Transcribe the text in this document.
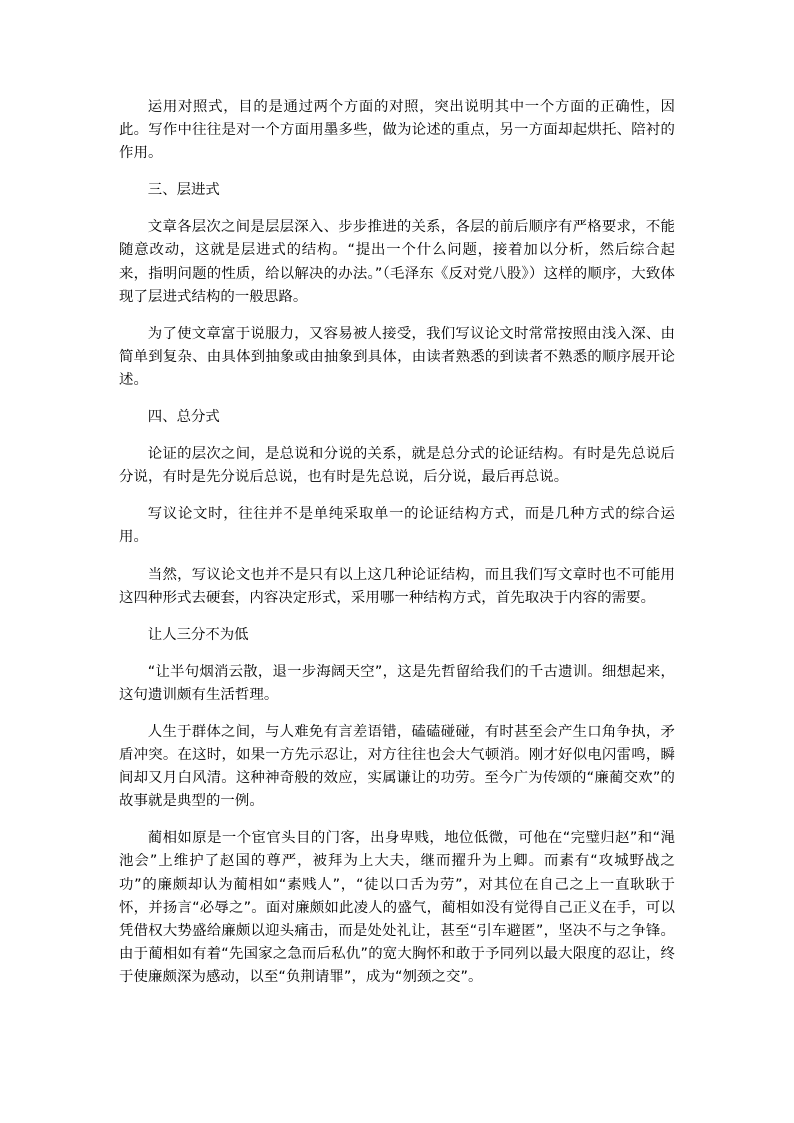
运用对照式，目的是通过两个方面的对照，突出说明其中一个方面的正确性，因此。写作中往往是对一个方面用墨多些，做为论述的重点，另一方面却起烘托、陪衬的作用。

三、层进式

文章各层次之间是层层深入、步步推进的关系，各层的前后顺序有严格要求，不能随意改动，这就是层进式的结构。“提出一个什么问题，接着加以分析，然后综合起来，指明问题的性质，给以解决的办法。”（毛泽东《反对党八股》）这样的顺序，大致体现了层进式结构的一般思路。

为了使文章富于说服力，又容易被人接受，我们写议论文时常常按照由浅入深、由简单到复杂、由具体到抽象或由抽象到具体，由读者熟悉的到读者不熟悉的顺序展开论述。

四、总分式

论证的层次之间，是总说和分说的关系，就是总分式的论证结构。有时是先总说后分说，有时是先分说后总说，也有时是先总说，后分说，最后再总说。

写议论文时，往往并不是单纯采取单一的论证结构方式，而是几种方式的综合运用。

当然，写议论文也并不是只有以上这几种论证结构，而且我们写文章时也不可能用这四种形式去硬套，内容决定形式，采用哪一种结构方式，首先取决于内容的需要。

让人三分不为低

“让半句烟消云散，退一步海阔天空”，这是先哲留给我们的千古遗训。细想起来，这句遗训颇有生活哲理。

人生于群体之间，与人难免有言差语错，磕磕碰碰，有时甚至会产生口角争执，矛盾冲突。在这时，如果一方先示忍让，对方往往也会大气顿消。刚才好似电闪雷鸣，瞬间却又月白风清。这种神奇般的效应，实属谦让的功劳。至今广为传颂的“廉蔺交欢”的故事就是典型的一例。

蔺相如原是一个宦官头目的门客，出身卑贱，地位低微，可他在“完璧归赵”和“渑池会”上维护了赵国的尊严，被拜为上大夫，继而擢升为上卿。而素有“攻城野战之功”的廉颇却认为蔺相如“素贱人”，“徒以口舌为劳”，对其位在自己之上一直耿耿于怀，并扬言“必辱之”。面对廉颇如此凌人的盛气，蔺相如没有觉得自己正义在手，可以凭借权大势盛给廉颇以迎头痛击，而是处处礼让，甚至“引车避匿”，坚决不与之争锋。由于蔺相如有着“先国家之急而后私仇”的宽大胸怀和敢于予同列以最大限度的忍让，终于使廉颇深为感动，以至“负荆请罪”，成为“刎颈之交”。
